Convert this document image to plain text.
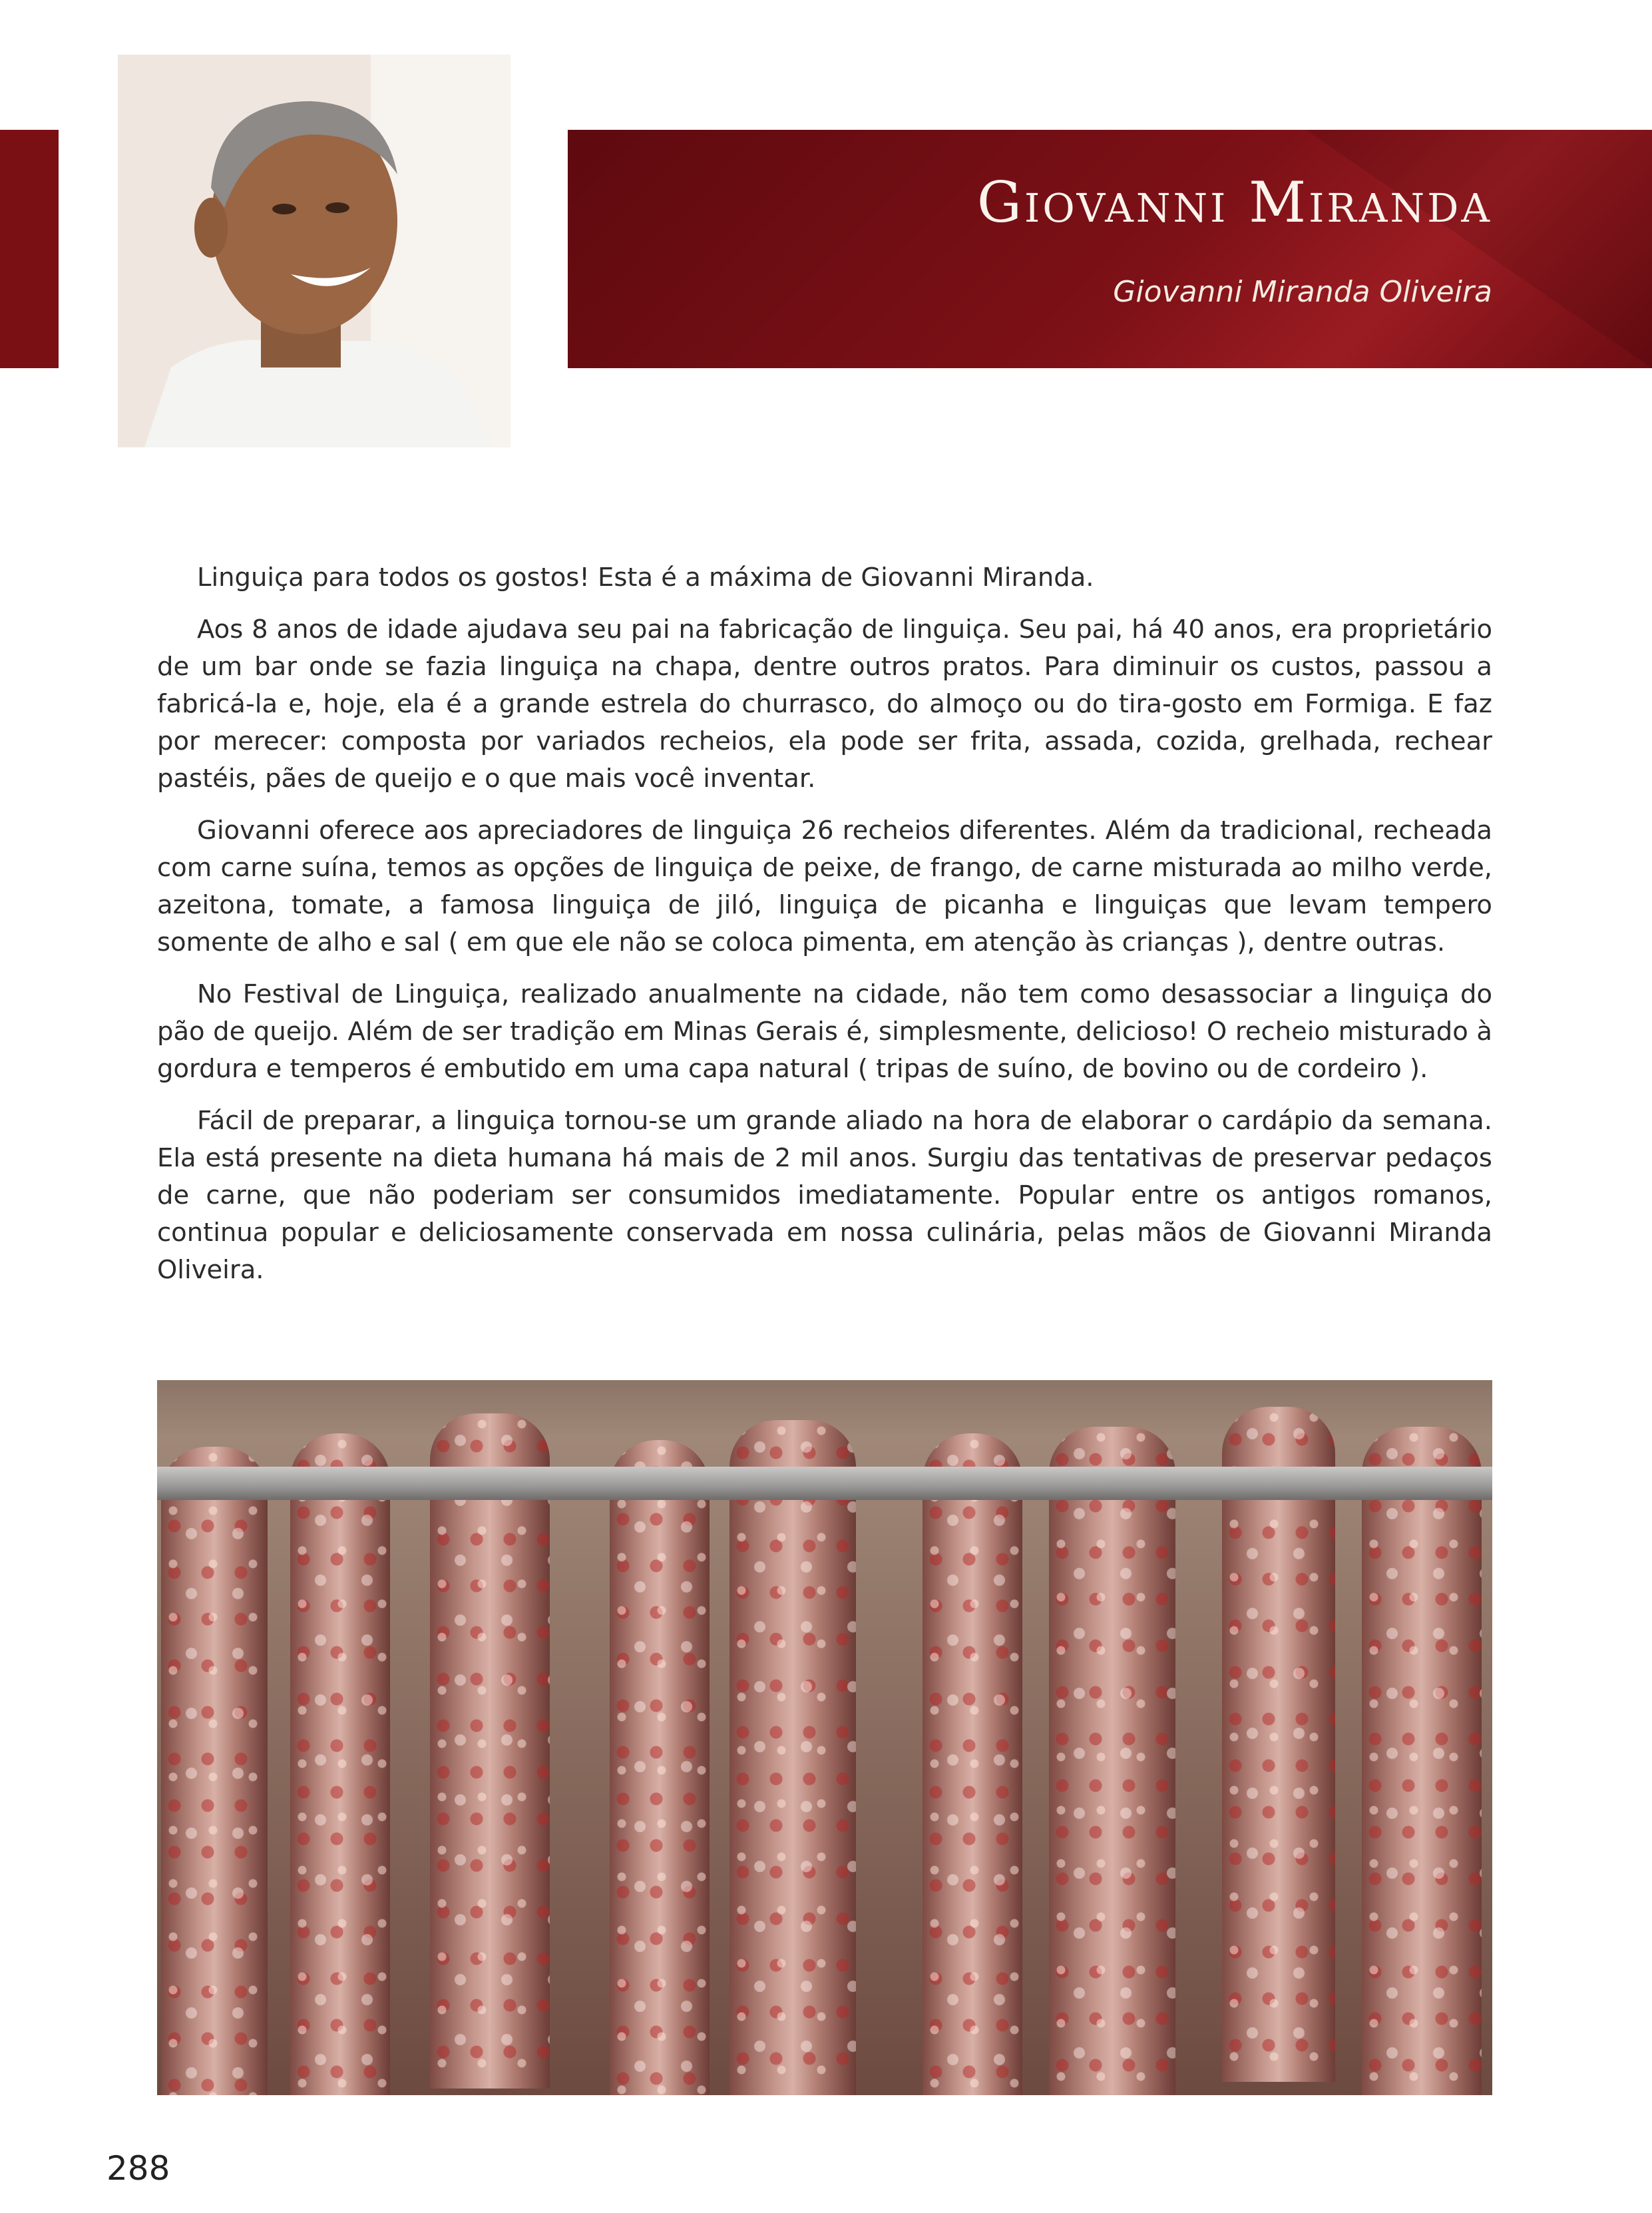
Giovanni Miranda
Giovanni Miranda Oliveira

Linguiça para todos os gostos! Esta é a máxima de Giovanni Miranda.

Aos 8 anos de idade ajudava seu pai na fabricação de linguiça. Seu pai, há 40 anos, era proprietário de um bar onde se fazia linguiça na chapa, dentre outros pratos. Para diminuir os custos, passou a fabricá-la e, hoje, ela é a grande estrela do churrasco, do almoço ou do tira-gosto em Formiga. E faz por merecer: composta por variados recheios, ela pode ser frita, assada, cozida, grelhada, rechear pastéis, pães de queijo e o que mais você inventar.

Giovanni oferece aos apreciadores de linguiça 26 recheios diferentes. Além da tradicional, recheada com carne suína, temos as opções de linguiça de peixe, de frango, de carne misturada ao milho verde, azeitona, tomate, a famosa linguiça de jiló, linguiça de picanha e linguiças que levam tempero somente de alho e sal ( em que ele não se coloca pimenta, em atenção às crianças ), dentre outras.

No Festival de Linguiça, realizado anualmente na cidade, não tem como desassociar a linguiça do pão de queijo. Além de ser tradição em Minas Gerais é, simplesmente, delicioso! O recheio misturado à gordura e temperos é embutido em uma capa natural ( tripas de suíno, de bovino ou de cordeiro ).

Fácil de preparar, a linguiça tornou-se um grande aliado na hora de elaborar o cardápio da semana. Ela está presente na dieta humana há mais de 2 mil anos. Surgiu das tentativas de preservar pedaços de carne, que não poderiam ser consumidos imediatamente. Popular entre os antigos romanos, continua popular e deliciosamente conservada em nossa culinária, pelas mãos de Giovanni Miranda Oliveira.

288
